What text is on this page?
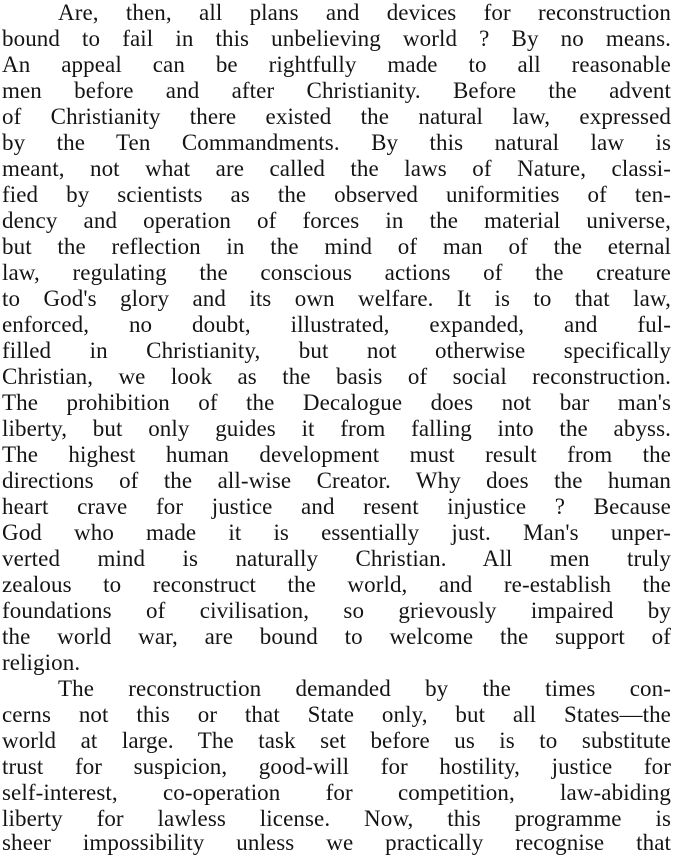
Are, then, all plans and devices for reconstruction
bound to fail in this unbelieving world ? By no means.
An appeal can be rightfully made to all reasonable
men before and after Christianity. Before the advent
of Christianity there existed the natural law, expressed
by the Ten Commandments. By this natural law is
meant, not what are called the laws of Nature, classi-
fied by scientists as the observed uniformities of ten-
dency and operation of forces in the material universe,
but the reflection in the mind of man of the eternal
law, regulating the conscious actions of the creature
to God's glory and its own welfare. It is to that law,
enforced, no doubt, illustrated, expanded, and ful-
filled in Christianity, but not otherwise specifically
Christian, we look as the basis of social reconstruction.
The prohibition of the Decalogue does not bar man's
liberty, but only guides it from falling into the abyss.
The highest human development must result from the
directions of the all-wise Creator. Why does the human
heart crave for justice and resent injustice ? Because
God who made it is essentially just. Man's unper-
verted mind is naturally Christian. All men truly
zealous to reconstruct the world, and re-establish the
foundations of civilisation, so grievously impaired by
the world war, are bound to welcome the support of
religion.
The reconstruction demanded by the times con-
cerns not this or that State only, but all States—the
world at large. The task set before us is to substitute
trust for suspicion, good-will for hostility, justice for
self-interest, co-operation for competition, law-abiding
liberty for lawless license. Now, this programme is
sheer impossibility unless we practically recognise that
